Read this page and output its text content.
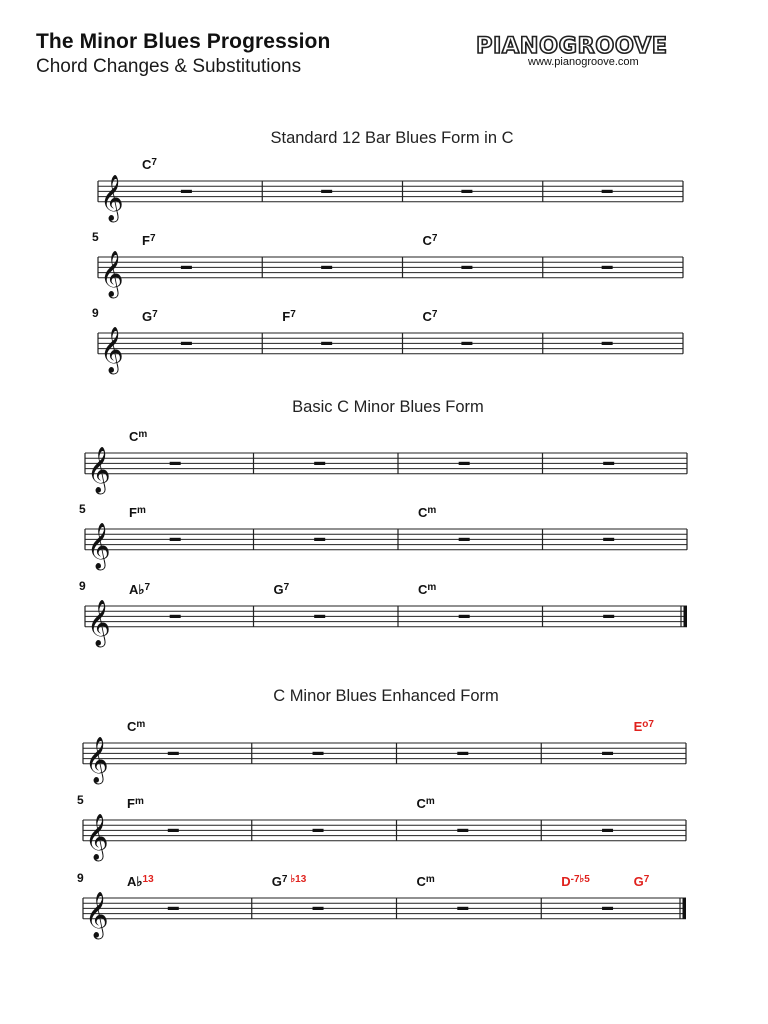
The Minor Blues Progression
Chord Changes & Substitutions
PIANOGROOVE
www.pianogroove.com
Standard 12 Bar Blues Form in C
𝄞
$C^7$
𝄞
5	$F^7$	$C^7$
𝄞
9	$G^7$	$F^7$	$C^7$
Basic C Minor Blues Form
𝄞
$C^m$
𝄞
5	$F^m$	$C^m$
𝄞
9	A♭$^7$	$G^7$	$C^m$
C Minor Blues Enhanced Form
𝄞
$C^m$	$E^{o7}$
𝄞
5	$F^m$	$C^m$
𝄞
9	A♭$^{13}$	$G^7$ ♭13	$C^m$	$D^{-7♭5}$	$G^7$
